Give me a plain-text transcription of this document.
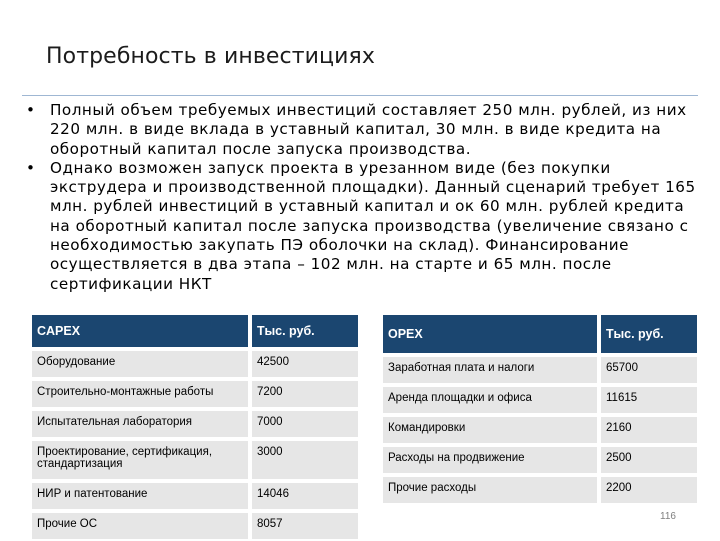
Потребность в инвестициях
• Полный объем требуемых инвестиций составляет 250 млн. рублей, из них 220 млн. в виде вклада в уставный капитал, 30 млн. в виде кредита на оборотный капитал после запуска производства.
• Однако возможен запуск проекта в урезанном виде (без покупки экструдера и производственной площадки). Данный сценарий требует 165 млн. рублей инвестиций в уставный капитал и ок 60 млн. рублей кредита на оборотный капитал после запуска производства (увеличение связано с необходимостью закупать ПЭ оболочки на склад). Финансирование осуществляется в два этапа – 102 млн. на старте и 65 млн. после сертификации НКТ
CAPEX	Тыс. руб.
Оборудование	42500
Строительно-монтажные работы	7200
Испытательная лаборатория	7000
Проектирование, сертификация, стандартизация	3000
НИР и патентование	14046
Прочие ОС	8057
OPEX	Тыс. руб.
Заработная плата и налоги	65700
Аренда площадки и офиса	11615
Командировки	2160
Расходы на продвижение	2500
Прочие расходы	2200
116
